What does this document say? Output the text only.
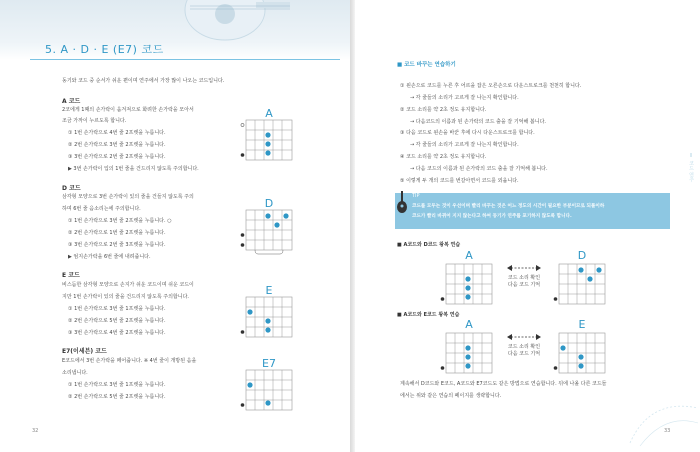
5. A · D · E (E7) 코드
동기와 코드 중 순서가 쉬운 편이며 연주에서 가장 많이 나오는 코드입니다.
A 코드
2코에게 1째의 손가락이 움겨져으로 화려한 손가락을 모아서
조금 가까이 누르도록 합니다.
① 1번 손가락으로 4번 줄 2프렛을 누릅니다.
② 2번 손가락으로 3번 줄 2프렛을 누릅니다.
③ 3번 손가락으로 2번 줄 2프렛을 누릅니다.
▶ 3번 손가락이 입의 1번 줄을 건드리지 않도록 주의합니다.
A
D 코드
삼각형 모양으로 3번 손가락이 있의 줄을 건들지 않도록 주의
하며 6번 줄 음소리는에 주의합니다.
① 1번 손가락으로 3번 줄 2프렛을 누릅니다. ○
② 2번 손가락으로 1번 줄 2프렛을 누릅니다.
③ 3번 손가락으로 2번 줄 3프렛을 누릅니다.
▶ 엄지손가락을 6번 줄에 내려줍니다.
D
E 코드
비스듬한 삼각형 모양으로 손지가 쉬운 코드이며 쉬운 코드이
지만 1번 손가락이 있의 줄을 건드리지 않도록 주의합니다.
① 1번 손가락으로 3번 줄 1프렛을 누릅니다.
② 2번 손가락으로 5번 줄 2프렛을 누릅니다.
③ 3번 손가락으로 4번 줄 2프렛을 누릅니다.
E
E7(이세븐) 코드
E코드에서 3번 손가락을 떼어줍니다. ※ 4번 줄이 개방된 음을
소리냅니다.
① 1번 손가락으로 3번 줄 1프렛을 누릅니다.
② 2번 손가락으로 5번 줄 2프렛을 누릅니다.
E7
32
■ 코드 바꾸는 연습하기
① 왼손으로 코드를 누른 후 어르을 잡은 오른손으로 다운스트로크를 천천히 합니다.
→ 각 줄들의 소리가 고르게 잘 나는지 확인합니다.
② 코드 소리를 약 2초 정도 유지합니다.
→ 다음코드의 이름과 된 손가락의 코드 출을 잘 기억해 봅니다.
③ 다음 코드로 왼손을 바꾼 후에 다시 다운스트로크를 합니다.
→ 각 줄들의 소리가 고르게 잘 나는지 확인합니다.
④ 코드 소리를 약 2초 정도 유지합니다.
→ 다음 코드의 이름과 된 손가락의 코드 출을 잘 기억해 봅니다.
⑤ 이렇게 두 개의 코드를 번갈아면서 코드를 외웁니다.
TIP
코드를 모두는 것이 우선이며 빨리 바꾸는 것은 어느 정도의 시간이 필요한 부분이므로 되풀이하
코드가 빨리 바뀌어 지지 않는다고 하여 동기가 연주를 포기하지 않도록 합니다.
■ A코드와 D코드 왕복 연습
A
코드 소리 확인
다음 코드 기억
D
■ A코드와 E코드 왕복 연습
A
코드 소리 확인
다음 코드 기억
E
계속해서 D코드와 E코드, A코드와 E7코드도 같은 방법으로 연습합니다. 뒤에 나올 다른 코드들
에서는 위와 같은 연습의 페이지를 생략합니다.
Ⅱ 코드 연주
33
